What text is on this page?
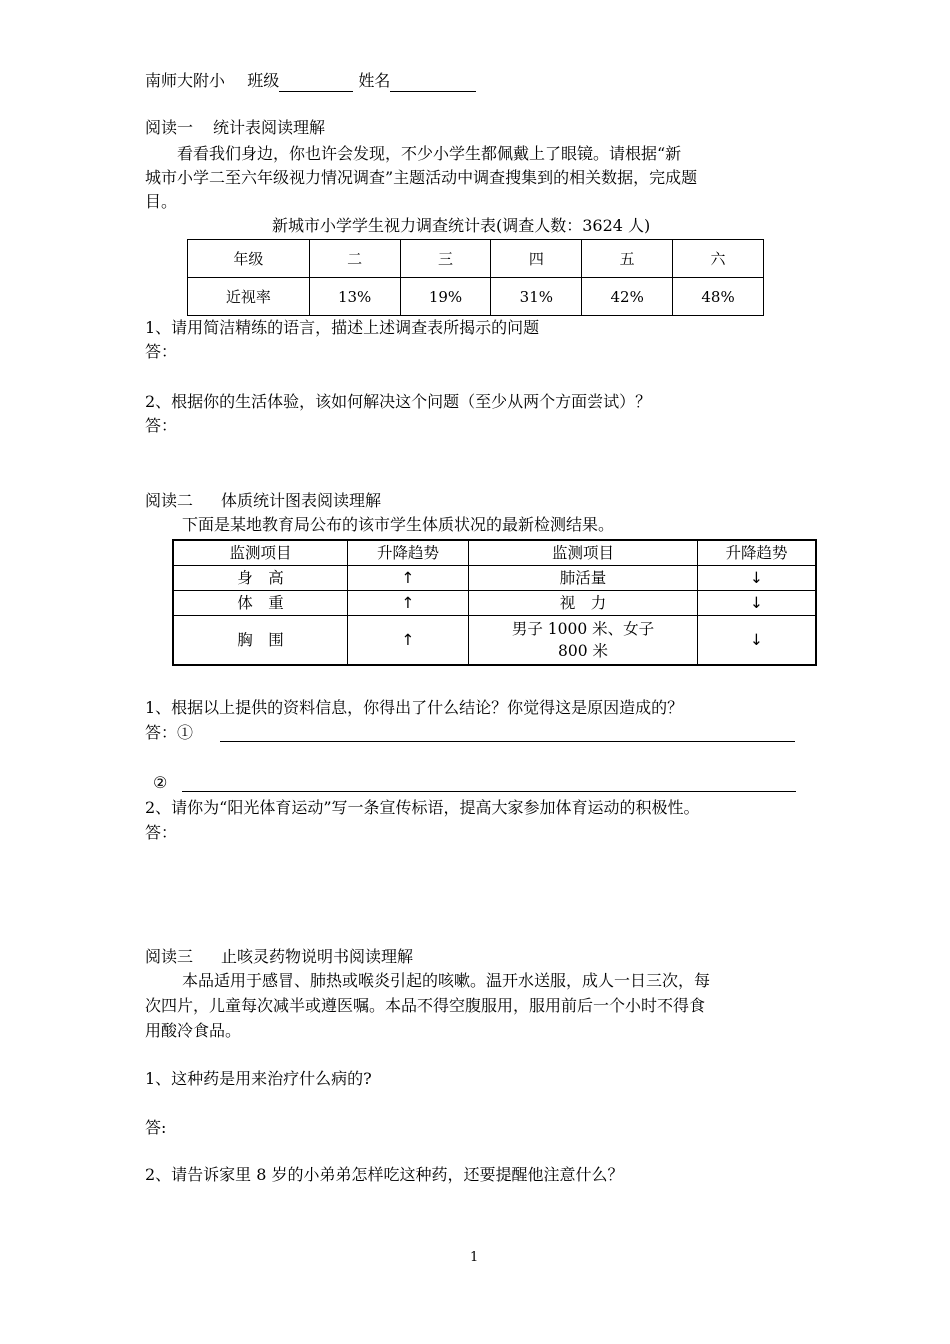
南师大附小 班级	姓名
阅读一 统计表阅读理解
看看我们身边，你也许会发现，不少小学生都佩戴上了眼镜。请根据“新
城市小学二至六年级视力情况调查”主题活动中调查搜集到的相关数据，完成题
目。
新城市小学学生视力调查统计表(调查人数：3624 人)
年级	二	三	四	五	六
近视率	13%	19%	31%	42%	48%
1、请用简洁精练的语言，描述上述调查表所揭示的问题
答：
2、根据你的生活体验，该如何解决这个问题（至少从两个方面尝试）？
答：
阅读二 体质统计图表阅读理解
下面是某地教育局公布的该市学生体质状况的最新检测结果。
监测项目	升降趋势	监测项目	升降趋势
身　高	↑	肺活量	↓
体　重	↑	视　力	↓
胸　围	↑	男子 1000 米、女子 800 米	↓
1、根据以上提供的资料信息，你得出了什么结论？你觉得这是原因造成的？
答：①
②
2、请你为“阳光体育运动”写一条宣传标语，提高大家参加体育运动的积极性。
答：
阅读三 止咳灵药物说明书阅读理解
本品适用于感冒、肺热或喉炎引起的咳嗽。温开水送服，成人一日三次，每
次四片，儿童每次减半或遵医嘱。本品不得空腹服用，服用前后一个小时不得食
用酸冷食品。
1、这种药是用来治疗什么病的?
答:
2、请告诉家里 8 岁的小弟弟怎样吃这种药，还要提醒他注意什么？
1
